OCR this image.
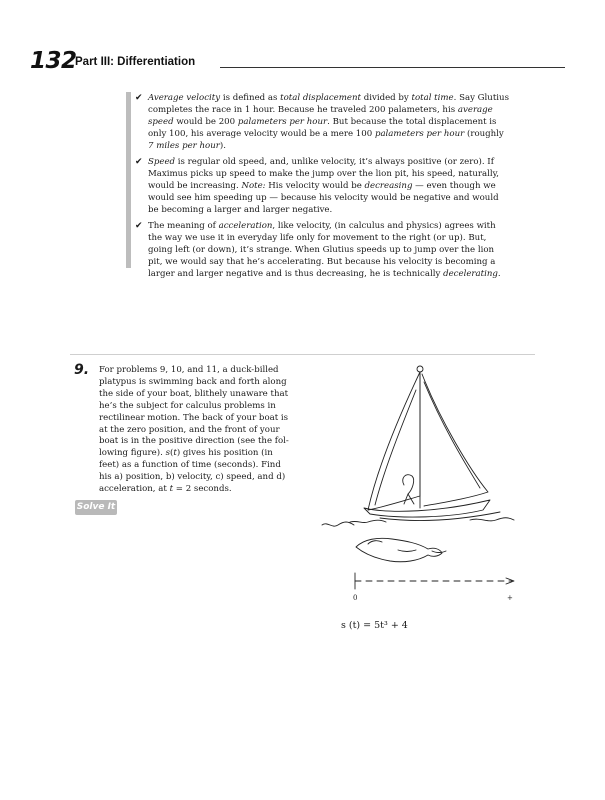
132
Part III: Differentiation
✔ Average velocity is defined as total displacement divided by total time. Say Glutius
completes the race in 1 hour. Because he traveled 200 palameters, his average
speed would be 200 palameters per hour. But because the total displacement is
only 100, his average velocity would be a mere 100 palameters per hour (roughly
7 miles per hour).
✔ Speed is regular old speed, and, unlike velocity, it’s always positive (or zero). If
Maximus picks up speed to make the jump over the lion pit, his speed, naturally,
would be increasing. Note: His velocity would be decreasing — even though we
would see him speeding up — because his velocity would be negative and would
be becoming a larger and larger negative.
✔ The meaning of acceleration, like velocity, (in calculus and physics) agrees with
the way we use it in everyday life only for movement to the right (or up). But,
going left (or down), it’s strange. When Glutius speeds up to jump over the lion
pit, we would say that he’s accelerating. But because his velocity is becoming a
larger and larger negative and is thus decreasing, he is technically decelerating.
9. For problems 9, 10, and 11, a duck-billed
platypus is swimming back and forth along
the side of your boat, blithely unaware that
he’s the subject for calculus problems in
rectilinear motion. The back of your boat is
at the zero position, and the front of your
boat is in the positive direction (see the fol-
lowing figure). s(t) gives his position (in
feet) as a function of time (seconds). Find
his a) position, b) velocity, c) speed, and d)
acceleration, at t = 2 seconds.
Solve It
0	+
s (t) = 5t³ + 4
